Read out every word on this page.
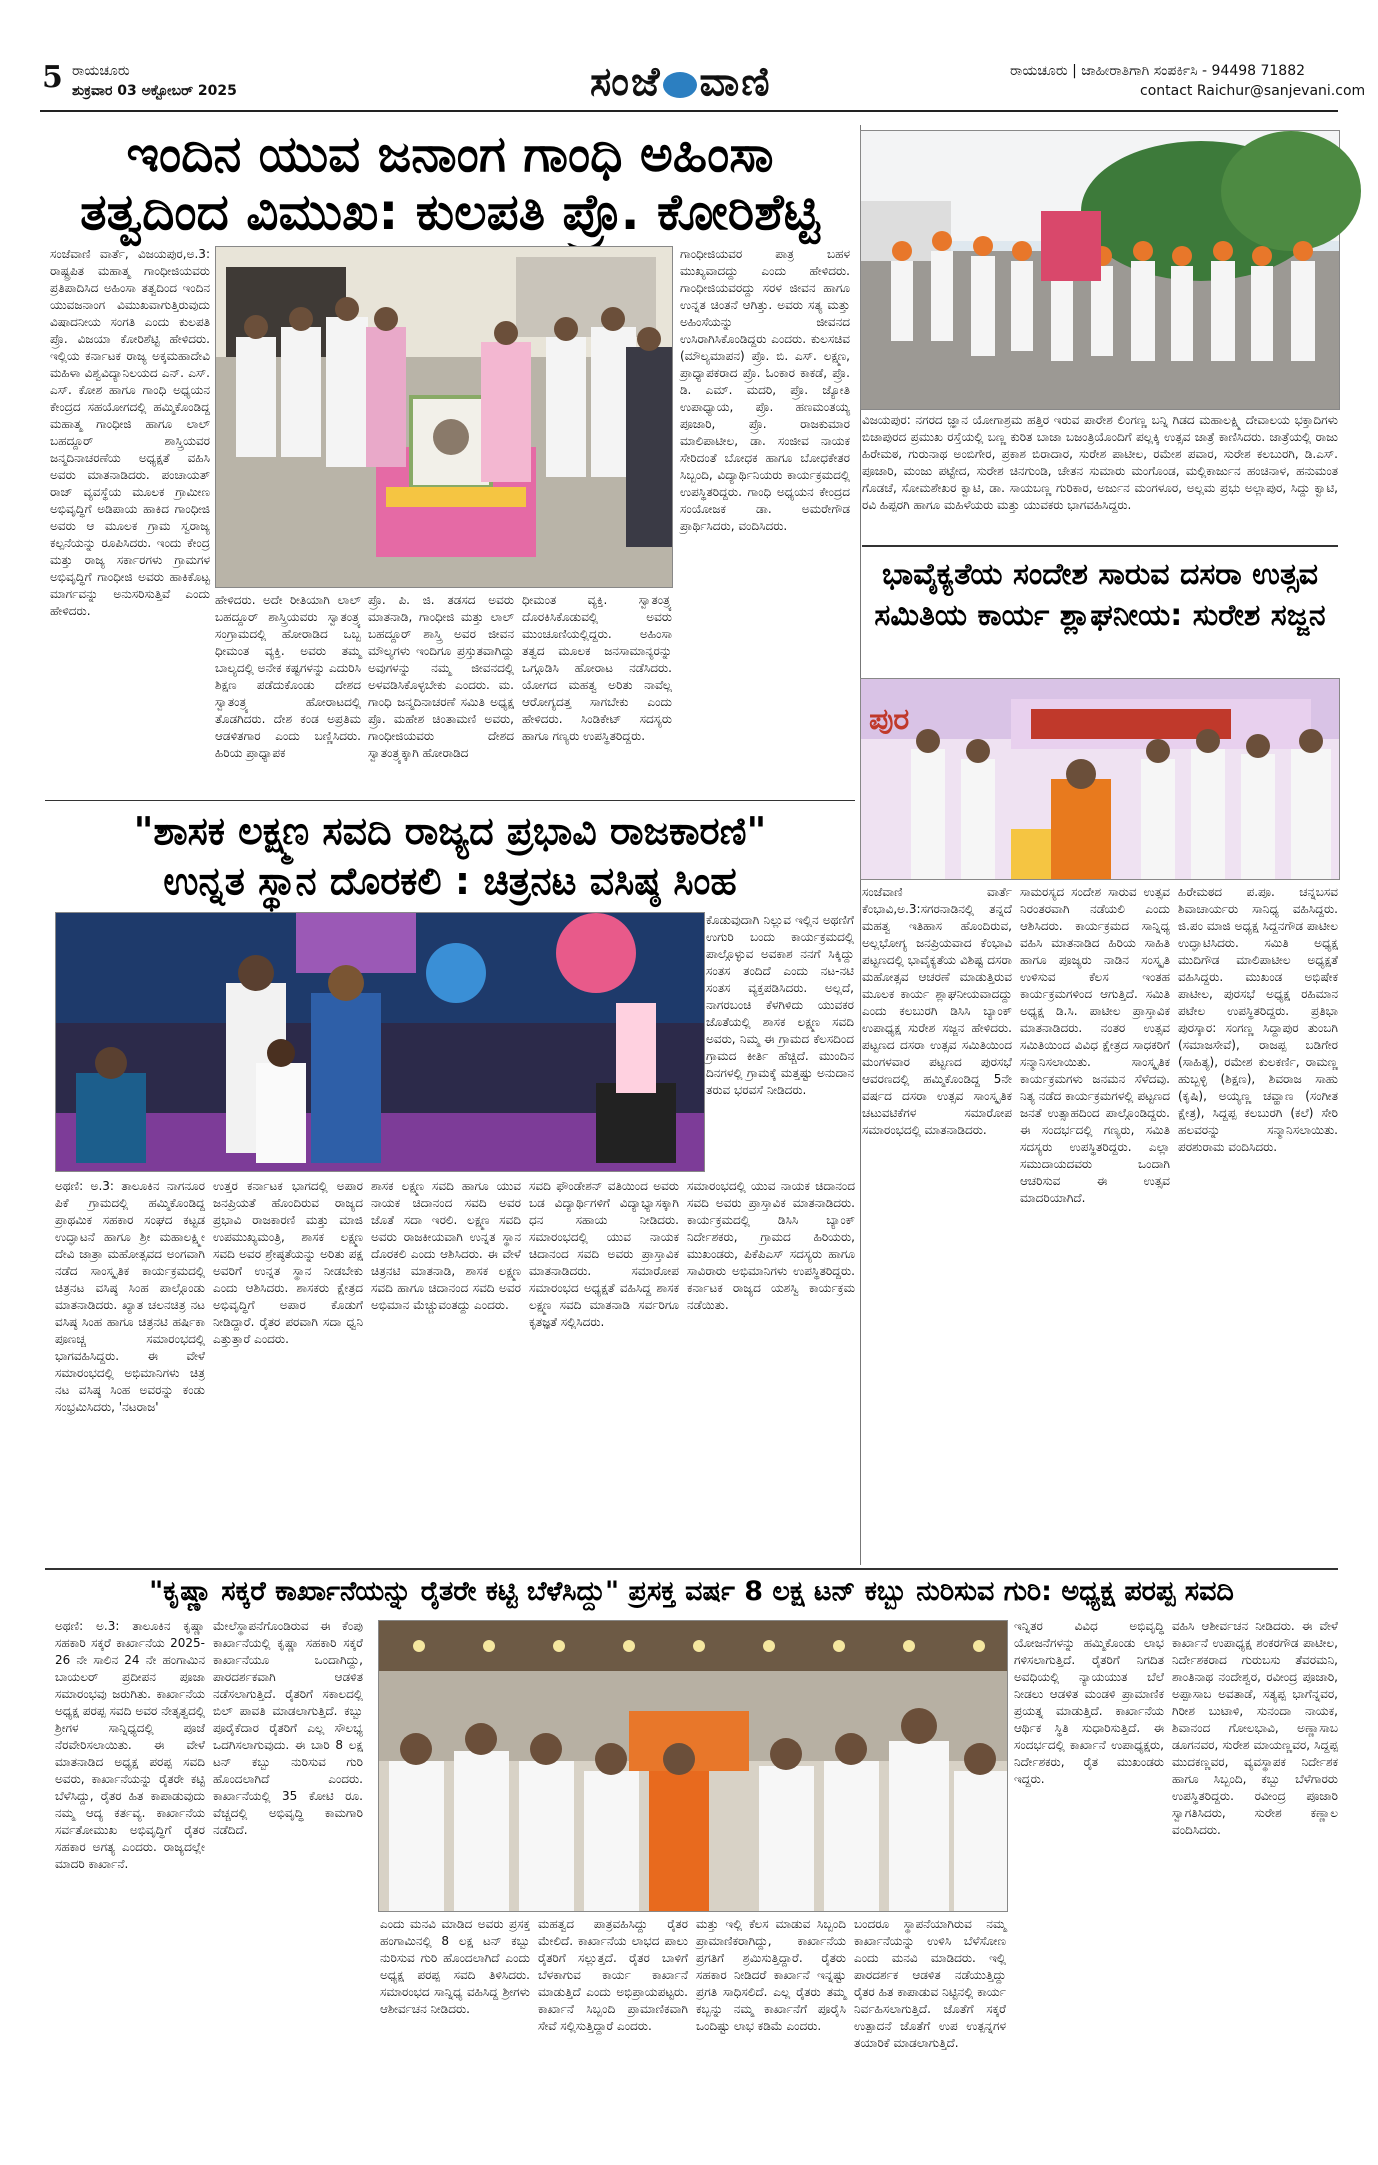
5 ರಾಯಚೂರು
ಶುಕ್ರವಾರ 03 ಅಕ್ಟೋಬರ್ 2025	ಸಂಜೆ ವಾಣಿ	ರಾಯಚೂರು | ಜಾಹೀರಾತಿಗಾಗಿ ಸಂಪರ್ಕಿಸಿ - 94498 71882
contact Raichur@sanjevani.com
ಇಂದಿನ ಯುವ ಜನಾಂಗ ಗಾಂಧಿ ಅಹಿಂಸಾ
ತತ್ವದಿಂದ ವಿಮುಖ: ಕುಲಪತಿ ಪ್ರೊ. ಕೋರಿಶೆಟ್ಟಿ
ಸಂಜೆವಾಣಿ ವಾರ್ತೆ, ವಿಜಯಪುರ,ಅ.3: ರಾಷ್ಟ್ರಪಿತ ಮಹಾತ್ಮ ಗಾಂಧೀಜಿಯವರು ಪ್ರತಿಪಾದಿಸಿದ ಅಹಿಂಸಾ ತತ್ವದಿಂದ ಇಂದಿನ ಯುವಜನಾಂಗ ವಿಮುಖವಾಗುತ್ತಿರುವುದು ವಿಷಾದನೀಯ ಸಂಗತಿ ಎಂದು ಕುಲಪತಿ ಪ್ರೊ. ವಿಜಯಾ ಕೋರಿಶೆಟ್ಟಿ ಹೇಳಿದರು. ಇಲ್ಲಿಯ ಕರ್ನಾಟಕ ರಾಜ್ಯ ಅಕ್ಕಮಹಾದೇವಿ ಮಹಿಳಾ ವಿಶ್ವವಿದ್ಯಾನಿಲಯದ ಎನ್. ಎಸ್. ಎಸ್. ಕೋಶ ಹಾಗೂ ಗಾಂಧಿ ಅಧ್ಯಯನ ಕೇಂದ್ರದ ಸಹಯೋಗದಲ್ಲಿ ಹಮ್ಮಿಕೊಂಡಿದ್ದ ಮಹಾತ್ಮ ಗಾಂಧೀಜಿ ಹಾಗೂ ಲಾಲ್ ಬಹದ್ದೂರ್ ಶಾಸ್ತ್ರಿಯವರ ಜನ್ಮದಿನಾಚರಣೆಯ ಅಧ್ಯಕ್ಷತೆ ವಹಿಸಿ ಅವರು ಮಾತನಾಡಿದರು. ಪಂಚಾಯತ್ ರಾಜ್ ವ್ಯವಸ್ಥೆಯ ಮೂಲಕ ಗ್ರಾಮೀಣ ಅಭಿವೃದ್ಧಿಗೆ ಅಡಿಪಾಯ ಹಾಕಿದ ಗಾಂಧೀಜಿ ಅವರು ಆ ಮೂಲಕ ಗ್ರಾಮ ಸ್ವರಾಜ್ಯ ಕಲ್ಪನೆಯನ್ನು ರೂಪಿಸಿದರು. ಇಂದು ಕೇಂದ್ರ ಮತ್ತು ರಾಜ್ಯ ಸರ್ಕಾರಗಳು ಗ್ರಾಮಗಳ ಅಭಿವೃದ್ಧಿಗೆ ಗಾಂಧೀಜಿ ಅವರು ಹಾಕಿಕೊಟ್ಟ ಮಾರ್ಗವನ್ನು ಅನುಸರಿಸುತ್ತಿವೆ ಎಂದು ಹೇಳಿದರು.
ಹೇಳಿದರು. ಅದೇ ರೀತಿಯಾಗಿ ಲಾಲ್ ಬಹದ್ದೂರ್ ಶಾಸ್ತ್ರಿಯವರು ಸ್ವಾತಂತ್ರ್ಯ ಸಂಗ್ರಾಮದಲ್ಲಿ ಹೋರಾಡಿದ ಒಬ್ಬ ಧೀಮಂತ ವ್ಯಕ್ತಿ. ಅವರು ತಮ್ಮ ಬಾಲ್ಯದಲ್ಲಿ ಅನೇಕ ಕಷ್ಟಗಳನ್ನು ಎದುರಿಸಿ ಶಿಕ್ಷಣ ಪಡೆದುಕೊಂಡು ದೇಶದ ಸ್ವಾತಂತ್ರ್ಯ ಹೋರಾಟದಲ್ಲಿ ತೊಡಗಿದರು. ದೇಶ ಕಂಡ ಅಪ್ರತಿಮ ಆಡಳಿತಗಾರ ಎಂದು ಬಣ್ಣಿಸಿದರು. ಹಿರಿಯ ಪ್ರಾಧ್ಯಾಪಕ
ಪ್ರೊ. ಪಿ. ಜಿ. ತಡಸದ ಅವರು ಮಾತನಾಡಿ, ಗಾಂಧೀಜಿ ಮತ್ತು ಲಾಲ್ ಬಹದ್ದೂರ್ ಶಾಸ್ತ್ರಿ ಅವರ ಜೀವನ ಮೌಲ್ಯಗಳು ಇಂದಿಗೂ ಪ್ರಸ್ತುತವಾಗಿದ್ದು ಅವುಗಳನ್ನು ನಮ್ಮ ಜೀವನದಲ್ಲಿ ಅಳವಡಿಸಿಕೊಳ್ಳಬೇಕು ಎಂದರು. ಮ. ಗಾಂಧಿ ಜನ್ಮದಿನಾಚರಣೆ ಸಮಿತಿ ಅಧ್ಯಕ್ಷ ಪ್ರೊ. ಮಹೇಶ ಚಿಂತಾಮಣಿ ಅವರು, ಗಾಂಧೀಜಿಯವರು ದೇಶದ ಸ್ವಾತಂತ್ರ್ಯಕ್ಕಾಗಿ ಹೋರಾಡಿದ
ಧೀಮಂತ ವ್ಯಕ್ತಿ. ಸ್ವಾತಂತ್ರ್ಯ ದೊರಕಿಸಿಕೊಡುವಲ್ಲಿ ಅವರು ಮುಂಚೂಣಿಯಲ್ಲಿದ್ದರು. ಅಹಿಂಸಾ ತತ್ವದ ಮೂಲಕ ಜನಸಾಮಾನ್ಯರನ್ನು ಒಗ್ಗೂಡಿಸಿ ಹೋರಾಟ ನಡೆಸಿದರು. ಯೋಗದ ಮಹತ್ವ ಅರಿತು ನಾವೆಲ್ಲ ಆರೋಗ್ಯದತ್ತ ಸಾಗಬೇಕು ಎಂದು ಹೇಳಿದರು. ಸಿಂಡಿಕೇಟ್ ಸದಸ್ಯರು ಹಾಗೂ ಗಣ್ಯರು ಉಪಸ್ಥಿತರಿದ್ದರು.
ಗಾಂಧೀಜಿಯವರ ಪಾತ್ರ ಬಹಳ ಮುಖ್ಯವಾದದ್ದು ಎಂದು ಹೇಳಿದರು. ಗಾಂಧೀಜಿಯವರದ್ದು ಸರಳ ಜೀವನ ಹಾಗೂ ಉನ್ನತ ಚಿಂತನೆ ಆಗಿತ್ತು. ಅವರು ಸತ್ಯ ಮತ್ತು ಅಹಿಂಸೆಯನ್ನು ಜೀವನದ ಉಸಿರಾಗಿಸಿಕೊಂಡಿದ್ದರು ಎಂದರು. ಕುಲಸಚಿವ (ಮೌಲ್ಯಮಾಪನ) ಪ್ರೊ. ಬಿ. ಎಸ್. ಲಕ್ಷ್ಮಣ, ಪ್ರಾಧ್ಯಾಪಕರಾದ ಪ್ರೊ. ಓಂಕಾರ ಕಾಕಡೆ, ಪ್ರೊ. ಡಿ. ಎಮ್. ಮದರಿ, ಪ್ರೊ. ಜ್ಯೋತಿ ಉಪಾಧ್ಯಾಯ, ಪ್ರೊ. ಹಣಮಂತಯ್ಯ ಪೂಜಾರಿ, ಪ್ರೊ. ರಾಜಕುಮಾರ ಮಾಲಿಪಾಟೀಲ, ಡಾ. ಸಂಜೀವ ನಾಯಕ ಸೇರಿದಂತೆ ಬೋಧಕ ಹಾಗೂ ಬೋಧಕೇತರ ಸಿಬ್ಬಂದಿ, ವಿದ್ಯಾರ್ಥಿನಿಯರು ಕಾರ್ಯಕ್ರಮದಲ್ಲಿ ಉಪಸ್ಥಿತರಿದ್ದರು. ಗಾಂಧಿ ಅಧ್ಯಯನ ಕೇಂದ್ರದ ಸಂಯೋಜಕ ಡಾ. ಅಮರೇಗೌಡ ಪ್ರಾರ್ಥಿಸಿದರು, ವಂದಿಸಿದರು.
ವಿಜಯಪುರ: ನಗರದ ಜ್ಞಾನ ಯೋಗಾಶ್ರಮ ಹತ್ತಿರ ಇರುವ ಪಾರೇಶ ಲಿಂಗಣ್ಣ ಬನ್ನಿ ಗಿಡದ ಮಹಾಲಕ್ಷ್ಮಿ ದೇವಾಲಯ ಭಕ್ತಾದಿಗಳು ಬಿಜಾಪುರದ ಪ್ರಮುಖ ರಸ್ತೆಯಲ್ಲಿ ಬಣ್ಣ ಕುರಿತ ಬಾಜಾ ಬಜಂತ್ರಿಯೊಂದಿಗೆ ಪಲ್ಲಕ್ಕಿ ಉತ್ಸವ ಜಾತ್ರೆ ಕಾಣಿಸಿದರು. ಜಾತ್ರೆಯಲ್ಲಿ ರಾಜು ಹಿರೇಮಠ, ಗುರುನಾಥ ಅಂಬಿಗೇರ, ಪ್ರಕಾಶ ಬಿರಾದಾರ, ಸುರೇಶ ಪಾಟೀಲ, ರಮೇಶ ಪವಾರ, ಸುರೇಶ ಕಲಬುರಗಿ, ಡಿ.ಎಸ್. ಪೂಜಾರಿ, ಮಂಜು ಪಟ್ಟೇದ, ಸುರೇಶ ಚಿನಗುಂಡಿ, ಚೇತನ ಸುಮಾರು ಮಂಗೊಂಡ, ಮಲ್ಲಿಕಾರ್ಜುನ ಹಂಚಿನಾಳ, ಹನುಮಂತ ಗೊಡಚೆ, ಸೋಮಶೇಖರ ಕ್ವಾಟಿ, ಡಾ. ಸಾಯಬಣ್ಣ ಗುರಿಕಾರ, ಅರ್ಜುನ ಮಂಗಳೂರ, ಅಲ್ಲಮ ಪ್ರಭು ಅಲ್ಲಾಪುರ, ಸಿದ್ದು ಕ್ವಾಟಿ, ರವಿ ಹಿಪ್ಪರಗಿ ಹಾಗೂ ಮಹಿಳೆಯರು ಮತ್ತು ಯುವಕರು ಭಾಗವಹಿಸಿದ್ದರು.
ಭಾವೈಕ್ಯತೆಯ ಸಂದೇಶ ಸಾರುವ ದಸರಾ ಉತ್ಸವ
ಸಮಿತಿಯ ಕಾರ್ಯ ಶ್ಲಾಘನೀಯ: ಸುರೇಶ ಸಜ್ಜನ
ಪುರ
ಸಂಜೆವಾಣಿ ವಾರ್ತೆ ಕೆಂಭಾವಿ,ಅ.3:ಸಗರನಾಡಿನಲ್ಲಿ ತನ್ನದೆ ಮಹತ್ವ ಇತಿಹಾಸ ಹೊಂದಿರುವ, ಅಲ್ಲಭೋಗ್ಯ ಜನಪ್ರಿಯವಾದ ಕೆಂಭಾವಿ ಪಟ್ಟಣದಲ್ಲಿ ಭಾವೈಕ್ಯತೆಯ ವಿಶಿಷ್ಟ ದಸರಾ ಮಹೋತ್ಸವ ಆಚರಣೆ ಮಾಡುತ್ತಿರುವ ಮೂಲಕ ಕಾರ್ಯ ಶ್ಲಾಘನೀಯವಾದದ್ದು ಎಂದು ಕಲಬುರಗಿ ಡಿಸಿಸಿ ಬ್ಯಾಂಕ್ ಉಪಾಧ್ಯಕ್ಷ ಸುರೇಶ ಸಜ್ಜನ ಹೇಳಿದರು. ಪಟ್ಟಣದ ದಸರಾ ಉತ್ಸವ ಸಮಿತಿಯಿಂದ ಮಂಗಳವಾರ ಪಟ್ಟಣದ ಪುರಸಭೆ ಆವರಣದಲ್ಲಿ ಹಮ್ಮಿಕೊಂಡಿದ್ದ 5ನೇ ವರ್ಷದ ದಸರಾ ಉತ್ಸವ ಸಾಂಸ್ಕೃತಿಕ ಚಟುವಟಿಕೆಗಳ ಸಮಾರೋಪ ಸಮಾರಂಭದಲ್ಲಿ ಮಾತನಾಡಿದರು.
ಸಾಮರಸ್ಯದ ಸಂದೇಶ ಸಾರುವ ಉತ್ಸವ ನಿರಂತರವಾಗಿ ನಡೆಯಲಿ ಎಂದು ಆಶಿಸಿದರು. ಕಾರ್ಯಕ್ರಮದ ಸಾನ್ನಿಧ್ಯ ವಹಿಸಿ ಮಾತನಾಡಿದ ಹಿರಿಯ ಸಾಹಿತಿ ಹಾಗೂ ಪೂಜ್ಯರು ನಾಡಿನ ಸಂಸ್ಕೃತಿ ಉಳಿಸುವ ಕೆಲಸ ಇಂತಹ ಕಾರ್ಯಕ್ರಮಗಳಿಂದ ಆಗುತ್ತಿದೆ. ಸಮಿತಿ ಅಧ್ಯಕ್ಷ ಡಿ.ಸಿ. ಪಾಟೀಲ ಪ್ರಾಸ್ತಾವಿಕ ಮಾತನಾಡಿದರು. ನಂತರ ಉತ್ಸವ ಸಮಿತಿಯಿಂದ ವಿವಿಧ ಕ್ಷೇತ್ರದ ಸಾಧಕರಿಗೆ ಸನ್ಮಾನಿಸಲಾಯಿತು. ಸಾಂಸ್ಕೃತಿಕ ಕಾರ್ಯಕ್ರಮಗಳು ಜನಮನ ಸೆಳೆದವು. ನಿತ್ಯ ನಡೆದ ಕಾರ್ಯಕ್ರಮಗಳಲ್ಲಿ ಪಟ್ಟಣದ ಜನತೆ ಉತ್ಸಾಹದಿಂದ ಪಾಲ್ಗೊಂಡಿದ್ದರು. ಈ ಸಂದರ್ಭದಲ್ಲಿ ಗಣ್ಯರು, ಸಮಿತಿ ಸದಸ್ಯರು ಉಪಸ್ಥಿತರಿದ್ದರು. ಎಲ್ಲಾ ಸಮುದಾಯದವರು ಒಂದಾಗಿ ಆಚರಿಸುವ ಈ ಉತ್ಸವ ಮಾದರಿಯಾಗಿದೆ.
ಹಿರೇಮಠದ ಪ.ಪೂ. ಚನ್ನಬಸವ ಶಿವಾಚಾರ್ಯರು ಸಾನಿಧ್ಯ ವಹಿಸಿದ್ದರು. ಜಿ.ಪಂ ಮಾಜಿ ಅಧ್ಯಕ್ಷ ಸಿದ್ದನಗೌಡ ಪಾಟೀಲ ಉದ್ಘಾಟಿಸಿದರು. ಸಮಿತಿ ಅಧ್ಯಕ್ಷ ಮುದಿಗೌಡ ಮಾಲಿಪಾಟೀಲ ಅಧ್ಯಕ್ಷತೆ ವಹಿಸಿದ್ದರು. ಮುಖಂಡ ಅಭಿಷೇಕ ಪಾಟೀಲ, ಪುರಸಭೆ ಅಧ್ಯಕ್ಷ ರಹಿಮಾನ ಪಟೇಲ ಉಪಸ್ಥಿತರಿದ್ದರು. ಪ್ರತಿಭಾ ಪುರಸ್ಕಾರ: ಸಂಗಣ್ಣ ಸಿದ್ದಾಪುರ ತುಂಬಗಿ (ಸಮಾಜಸೇವೆ), ರಾಜಪ್ಪ ಬಡಿಗೇರ (ಸಾಹಿತ್ಯ), ರಮೇಶ ಕುಲಕರ್ಣಿ, ರಾಮಣ್ಣ ಹುಬ್ಬಳ್ಳಿ (ಶಿಕ್ಷಣ), ಶಿವರಾಜ ಸಾಹು (ಕೃಷಿ), ಅಯ್ಯಣ್ಣ ಚವ್ಹಾಣ (ಸಂಗೀತ ಕ್ಷೇತ್ರ), ಸಿದ್ದಪ್ಪ ಕಲಬುರಗಿ (ಕಲೆ) ಸೇರಿ ಹಲವರನ್ನು ಸನ್ಮಾನಿಸಲಾಯಿತು. ಪರಶುರಾಮ ವಂದಿಸಿದರು.
"ಶಾಸಕ ಲಕ್ಷ್ಮಣ ಸವದಿ ರಾಜ್ಯದ ಪ್ರಭಾವಿ ರಾಜಕಾರಣಿ"
ಉನ್ನತ ಸ್ಥಾನ ದೊರಕಲಿ : ಚಿತ್ರನಟ ವಸಿಷ್ಠ ಸಿಂಹ
ಕೊಡುವುದಾಗಿ ನಿಲ್ಲುವ ಇಲ್ಲಿನ ಅಥಣಿಗೆ ಉಗುರಿ ಬಂದು ಕಾರ್ಯಕ್ರಮದಲ್ಲಿ ಪಾಲ್ಗೊಳ್ಳುವ ಅವಕಾಶ ನನಗೆ ಸಿಕ್ಕಿದ್ದು ಸಂತಸ ತಂದಿದೆ ಎಂದು ನಟ-ನಟಿ ಸಂತಸ ವ್ಯಕ್ತಪಡಿಸಿದರು. ಅಲ್ಲದೆ, ನಾಗರಬಂಚಿ ಕೆಳಗಿಳಿದು ಯುವಕರ ಜೊತೆಯಲ್ಲಿ ಶಾಸಕ ಲಕ್ಷ್ಮಣ ಸವದಿ ಅವರು, ನಿಮ್ಮ ಈ ಗ್ರಾಮದ ಕೆಲಸದಿಂದ ಗ್ರಾಮದ ಕೀರ್ತಿ ಹೆಚ್ಚಿದೆ. ಮುಂದಿನ ದಿನಗಳಲ್ಲಿ ಗ್ರಾಮಕ್ಕೆ ಮತ್ತಷ್ಟು ಅನುದಾನ ತರುವ ಭರವಸೆ ನೀಡಿದರು.
ಅಥಣಿ: ಅ.3: ತಾಲೂಕಿನ ನಾಗನೂರ ಪಿಕೆ ಗ್ರಾಮದಲ್ಲಿ ಹಮ್ಮಿಕೊಂಡಿದ್ದ ಪ್ರಾಥಮಿಕ ಸಹಕಾರ ಸಂಘದ ಕಟ್ಟಡ ಉದ್ಘಾಟನೆ ಹಾಗೂ ಶ್ರೀ ಮಹಾಲಕ್ಷ್ಮೀ ದೇವಿ ಜಾತ್ರಾ ಮಹೋತ್ಸವದ ಅಂಗವಾಗಿ ನಡೆದ ಸಾಂಸ್ಕೃತಿಕ ಕಾರ್ಯಕ್ರಮದಲ್ಲಿ ಚಿತ್ರನಟ ವಸಿಷ್ಠ ಸಿಂಹ ಪಾಲ್ಗೊಂಡು ಮಾತನಾಡಿದರು. ಖ್ಯಾತ ಚಲನಚಿತ್ರ ನಟ ವಸಿಷ್ಠ ಸಿಂಹ ಹಾಗೂ ಚಿತ್ರನಟಿ ಹರ್ಷಿಕಾ ಪೂಣಚ್ಚ ಸಮಾರಂಭದಲ್ಲಿ ಭಾಗವಹಿಸಿದ್ದರು. ಈ ವೇಳೆ ಸಮಾರಂಭದಲ್ಲಿ ಅಭಿಮಾನಿಗಳು ಚಿತ್ರ ನಟ ವಸಿಷ್ಠ ಸಿಂಹ ಅವರನ್ನು ಕಂಡು ಸಂಭ್ರಮಿಸಿದರು, 'ನಟರಾಜ'
ಉತ್ತರ ಕರ್ನಾಟಕ ಭಾಗದಲ್ಲಿ ಅಪಾರ ಜನಪ್ರಿಯತೆ ಹೊಂದಿರುವ ರಾಜ್ಯದ ಪ್ರಭಾವಿ ರಾಜಕಾರಣಿ ಮತ್ತು ಮಾಜಿ ಉಪಮುಖ್ಯಮಂತ್ರಿ, ಶಾಸಕ ಲಕ್ಷ್ಮಣ ಸವದಿ ಅವರ ಶ್ರೇಷ್ಠತೆಯನ್ನು ಅರಿತು ಪಕ್ಷ ಅವರಿಗೆ ಉನ್ನತ ಸ್ಥಾನ ನೀಡಬೇಕು ಎಂದು ಆಶಿಸಿದರು. ಶಾಸಕರು ಕ್ಷೇತ್ರದ ಅಭಿವೃದ್ಧಿಗೆ ಅಪಾರ ಕೊಡುಗೆ ನೀಡಿದ್ದಾರೆ. ರೈತರ ಪರವಾಗಿ ಸದಾ ಧ್ವನಿ ಎತ್ತುತ್ತಾರೆ ಎಂದರು.
ಶಾಸಕ ಲಕ್ಷ್ಮಣ ಸವದಿ ಹಾಗೂ ಯುವ ನಾಯಕ ಚಿದಾನಂದ ಸವದಿ ಅವರ ಜೊತೆ ಸದಾ ಇರಲಿ. ಲಕ್ಷ್ಮಣ ಸವದಿ ಅವರು ರಾಜಕೀಯವಾಗಿ ಉನ್ನತ ಸ್ಥಾನ ದೊರಕಲಿ ಎಂದು ಆಶಿಸಿದರು. ಈ ವೇಳೆ ಚಿತ್ರನಟಿ ಮಾತನಾಡಿ, ಶಾಸಕ ಲಕ್ಷ್ಮಣ ಸವದಿ ಹಾಗೂ ಚಿದಾನಂದ ಸವದಿ ಅವರ ಅಭಿಮಾನ ಮೆಚ್ಚುವಂತದ್ದು ಎಂದರು.
ಸವದಿ ಫೌಂಡೇಶನ್ ವತಿಯಿಂದ ಅವರು ಬಡ ವಿದ್ಯಾರ್ಥಿಗಳಿಗೆ ವಿದ್ಯಾಭ್ಯಾಸಕ್ಕಾಗಿ ಧನ ಸಹಾಯ ನೀಡಿದರು. ಸಮಾರಂಭದಲ್ಲಿ ಯುವ ನಾಯಕ ಚಿದಾನಂದ ಸವದಿ ಅವರು ಪ್ರಾಸ್ತಾವಿಕ ಮಾತನಾಡಿದರು. ಸಮಾರೋಪ ಸಮಾರಂಭದ ಅಧ್ಯಕ್ಷತೆ ವಹಿಸಿದ್ದ ಶಾಸಕ ಲಕ್ಷ್ಮಣ ಸವದಿ ಮಾತನಾಡಿ ಸರ್ವರಿಗೂ ಕೃತಜ್ಞತೆ ಸಲ್ಲಿಸಿದರು.
ಸಮಾರಂಭದಲ್ಲಿ ಯುವ ನಾಯಕ ಚಿದಾನಂದ ಸವದಿ ಅವರು ಪ್ರಾಸ್ತಾವಿಕ ಮಾತನಾಡಿದರು. ಕಾರ್ಯಕ್ರಮದಲ್ಲಿ ಡಿಸಿಸಿ ಬ್ಯಾಂಕ್ ನಿರ್ದೇಶಕರು, ಗ್ರಾಮದ ಹಿರಿಯರು, ಮುಖಂಡರು, ಪಿಕೆಪಿಎಸ್ ಸದಸ್ಯರು ಹಾಗೂ ಸಾವಿರಾರು ಅಭಿಮಾನಿಗಳು ಉಪಸ್ಥಿತರಿದ್ದರು. ಕರ್ನಾಟಕ ರಾಜ್ಯದ ಯಶಸ್ವಿ ಕಾರ್ಯಕ್ರಮ ನಡೆಯಿತು.
"ಕೃಷ್ಣಾ ಸಕ್ಕರೆ ಕಾರ್ಖಾನೆಯನ್ನು ರೈತರೇ ಕಟ್ಟಿ ಬೆಳೆಸಿದ್ದು" ಪ್ರಸಕ್ತ ವರ್ಷ 8 ಲಕ್ಷ ಟನ್ ಕಬ್ಬು ನುರಿಸುವ ಗುರಿ: ಅಧ್ಯಕ್ಷ ಪರಪ್ಪ ಸವದಿ
ಅಥಣಿ: ಅ.3: ತಾಲೂಕಿನ ಕೃಷ್ಣಾ ಸಹಕಾರಿ ಸಕ್ಕರೆ ಕಾರ್ಖಾನೆಯ 2025-26 ನೇ ಸಾಲಿನ 24 ನೇ ಹಂಗಾಮಿನ ಬಾಯಲರ್ ಪ್ರದೀಪನ ಪೂಜಾ ಸಮಾರಂಭವು ಜರುಗಿತು. ಕಾರ್ಖಾನೆಯ ಅಧ್ಯಕ್ಷ ಪರಪ್ಪ ಸವದಿ ಅವರ ನೇತೃತ್ವದಲ್ಲಿ ಶ್ರೀಗಳ ಸಾನ್ನಿಧ್ಯದಲ್ಲಿ ಪೂಜೆ ನೆರವೇರಿಸಲಾಯಿತು. ಈ ವೇಳೆ ಮಾತನಾಡಿದ ಅಧ್ಯಕ್ಷ ಪರಪ್ಪ ಸವದಿ ಅವರು, ಕಾರ್ಖಾನೆಯನ್ನು ರೈತರೇ ಕಟ್ಟಿ ಬೆಳೆಸಿದ್ದು, ರೈತರ ಹಿತ ಕಾಪಾಡುವುದು ನಮ್ಮ ಆದ್ಯ ಕರ್ತವ್ಯ. ಕಾರ್ಖಾನೆಯ ಸರ್ವತೋಮುಖ ಅಭಿವೃದ್ಧಿಗೆ ರೈತರ ಸಹಕಾರ ಅಗತ್ಯ ಎಂದರು. ರಾಜ್ಯದಲ್ಲೇ ಮಾದರಿ ಕಾರ್ಖಾನೆ.
ಮೇಲೆಸ್ಥಾಪನೆಗೊಂಡಿರುವ ಈ ಕೆಂಪು ಕಾರ್ಖಾನೆಯಲ್ಲಿ ಕೃಷ್ಣಾ ಸಹಕಾರಿ ಸಕ್ಕರೆ ಕಾರ್ಖಾನೆಯೂ ಒಂದಾಗಿದ್ದು, ಪಾರದರ್ಶಕವಾಗಿ ಆಡಳಿತ ನಡೆಸಲಾಗುತ್ತಿದೆ. ರೈತರಿಗೆ ಸಕಾಲದಲ್ಲಿ ಬಿಲ್ ಪಾವತಿ ಮಾಡಲಾಗುತ್ತಿದೆ. ಕಬ್ಬು ಪೂರೈಕೆದಾರ ರೈತರಿಗೆ ಎಲ್ಲ ಸೌಲಭ್ಯ ಒದಗಿಸಲಾಗುವುದು. ಈ ಬಾರಿ 8 ಲಕ್ಷ ಟನ್ ಕಬ್ಬು ನುರಿಸುವ ಗುರಿ ಹೊಂದಲಾಗಿದೆ ಎಂದರು. ಕಾರ್ಖಾನೆಯಲ್ಲಿ 35 ಕೋಟಿ ರೂ. ವೆಚ್ಚದಲ್ಲಿ ಅಭಿವೃದ್ಧಿ ಕಾಮಗಾರಿ ನಡೆದಿದೆ.
ಎಂದು ಮನವಿ ಮಾಡಿದ ಅವರು ಪ್ರಸಕ್ತ ಹಂಗಾಮಿನಲ್ಲಿ 8 ಲಕ್ಷ ಟನ್ ಕಬ್ಬು ನುರಿಸುವ ಗುರಿ ಹೊಂದಲಾಗಿದೆ ಎಂದು ಅಧ್ಯಕ್ಷ ಪರಪ್ಪ ಸವದಿ ತಿಳಿಸಿದರು. ಸಮಾರಂಭದ ಸಾನ್ನಿಧ್ಯ ವಹಿಸಿದ್ದ ಶ್ರೀಗಳು ಆಶೀರ್ವಚನ ನೀಡಿದರು.
ಮಹತ್ವದ ಪಾತ್ರವಹಿಸಿದ್ದು ರೈತರ ಮೇಲಿದೆ. ಕಾರ್ಖಾನೆಯ ಲಾಭದ ಪಾಲು ರೈತರಿಗೆ ಸಲ್ಲುತ್ತದೆ. ರೈತರ ಬಾಳಿಗೆ ಬೆಳಕಾಗುವ ಕಾರ್ಯ ಕಾರ್ಖಾನೆ ಮಾಡುತ್ತಿದೆ ಎಂದು ಅಭಿಪ್ರಾಯಪಟ್ಟರು. ಕಾರ್ಖಾನೆ ಸಿಬ್ಬಂದಿ ಪ್ರಾಮಾಣಿಕವಾಗಿ ಸೇವೆ ಸಲ್ಲಿಸುತ್ತಿದ್ದಾರೆ ಎಂದರು.
ಮತ್ತು ಇಲ್ಲಿ ಕೆಲಸ ಮಾಡುವ ಸಿಬ್ಬಂದಿ ಪ್ರಾಮಾಣಿಕರಾಗಿದ್ದು, ಕಾರ್ಖಾನೆಯ ಪ್ರಗತಿಗೆ ಶ್ರಮಿಸುತ್ತಿದ್ದಾರೆ. ರೈತರು ಸಹಕಾರ ನೀಡಿದರೆ ಕಾರ್ಖಾನೆ ಇನ್ನಷ್ಟು ಪ್ರಗತಿ ಸಾಧಿಸಲಿದೆ. ಎಲ್ಲ ರೈತರು ತಮ್ಮ ಕಬ್ಬನ್ನು ನಮ್ಮ ಕಾರ್ಖಾನೆಗೆ ಪೂರೈಸಿ ಒಂದಿಷ್ಟು ಲಾಭ ಕಡಿಮೆ ಎಂದರು.
ಬಂದರೂ ಸ್ಥಾಪನೆಯಾಗಿರುವ ನಮ್ಮ ಕಾರ್ಖಾನೆಯನ್ನು ಉಳಿಸಿ ಬೆಳೆಸೋಣ ಎಂದು ಮನವಿ ಮಾಡಿದರು. ಇಲ್ಲಿ ಪಾರದರ್ಶಕ ಆಡಳಿತ ನಡೆಯುತ್ತಿದ್ದು ರೈತರ ಹಿತ ಕಾಪಾಡುವ ನಿಟ್ಟಿನಲ್ಲಿ ಕಾರ್ಯ ನಿರ್ವಹಿಸಲಾಗುತ್ತಿದೆ. ಜೊತೆಗೆ ಸಕ್ಕರೆ ಉತ್ಪಾದನೆ ಜೊತೆಗೆ ಉಪ ಉತ್ಪನ್ನಗಳ ತಯಾರಿಕೆ ಮಾಡಲಾಗುತ್ತಿದೆ.
ಇನ್ನಿತರ ವಿವಿಧ ಅಭಿವೃದ್ಧಿ ಯೋಜನೆಗಳನ್ನು ಹಮ್ಮಿಕೊಂಡು ಲಾಭ ಗಳಿಸಲಾಗುತ್ತಿದೆ. ರೈತರಿಗೆ ನಿಗದಿತ ಅವಧಿಯಲ್ಲಿ ನ್ಯಾಯಯುತ ಬೆಲೆ ನೀಡಲು ಆಡಳಿತ ಮಂಡಳಿ ಪ್ರಾಮಾಣಿಕ ಪ್ರಯತ್ನ ಮಾಡುತ್ತಿದೆ. ಕಾರ್ಖಾನೆಯ ಆರ್ಥಿಕ ಸ್ಥಿತಿ ಸುಧಾರಿಸುತ್ತಿದೆ. ಈ ಸಂದರ್ಭದಲ್ಲಿ ಕಾರ್ಖಾನೆ ಉಪಾಧ್ಯಕ್ಷರು, ನಿರ್ದೇಶಕರು, ರೈತ ಮುಖಂಡರು ಇದ್ದರು.
ವಹಿಸಿ ಆಶೀರ್ವಚನ ನೀಡಿದರು. ಈ ವೇಳೆ ಕಾರ್ಖಾನೆ ಉಪಾಧ್ಯಕ್ಷ ಶಂಕರಗೌಡ ಪಾಟೀಲ, ನಿರ್ದೇಶಕರಾದ ಗುರುಬಸು ತೆವರಮನಿ, ಶಾಂತಿನಾಥ ನಂದೇಶ್ವರ, ರವೀಂದ್ರ ಪೂಜಾರಿ, ಅಪ್ಪಾಸಾಬ ಅವತಾಡೆ, ಸತ್ಯಪ್ಪ ಭಾಗೆನ್ನವರ, ಗಿರೀಶ ಬುಟಾಳಿ, ಸುನಂದಾ ನಾಯಕ, ಶಿವಾನಂದ ಗೋಲಭಾವಿ, ಅಣ್ಣಾಸಾಬ ಡೂಗನವರ, ಸುರೇಶ ಮಾಯಣ್ಣವರ, ಸಿದ್ದಪ್ಪ ಮುದಕಣ್ಣವರ, ವ್ಯವಸ್ಥಾಪಕ ನಿರ್ದೇಶಕ ಹಾಗೂ ಸಿಬ್ಬಂದಿ, ಕಬ್ಬು ಬೆಳೆಗಾರರು ಉಪಸ್ಥಿತರಿದ್ದರು. ರವೀಂದ್ರ ಪೂಜಾರಿ ಸ್ವಾಗತಿಸಿದರು, ಸುರೇಶ ಕಣ್ಣಾಲ ವಂದಿಸಿದರು.
